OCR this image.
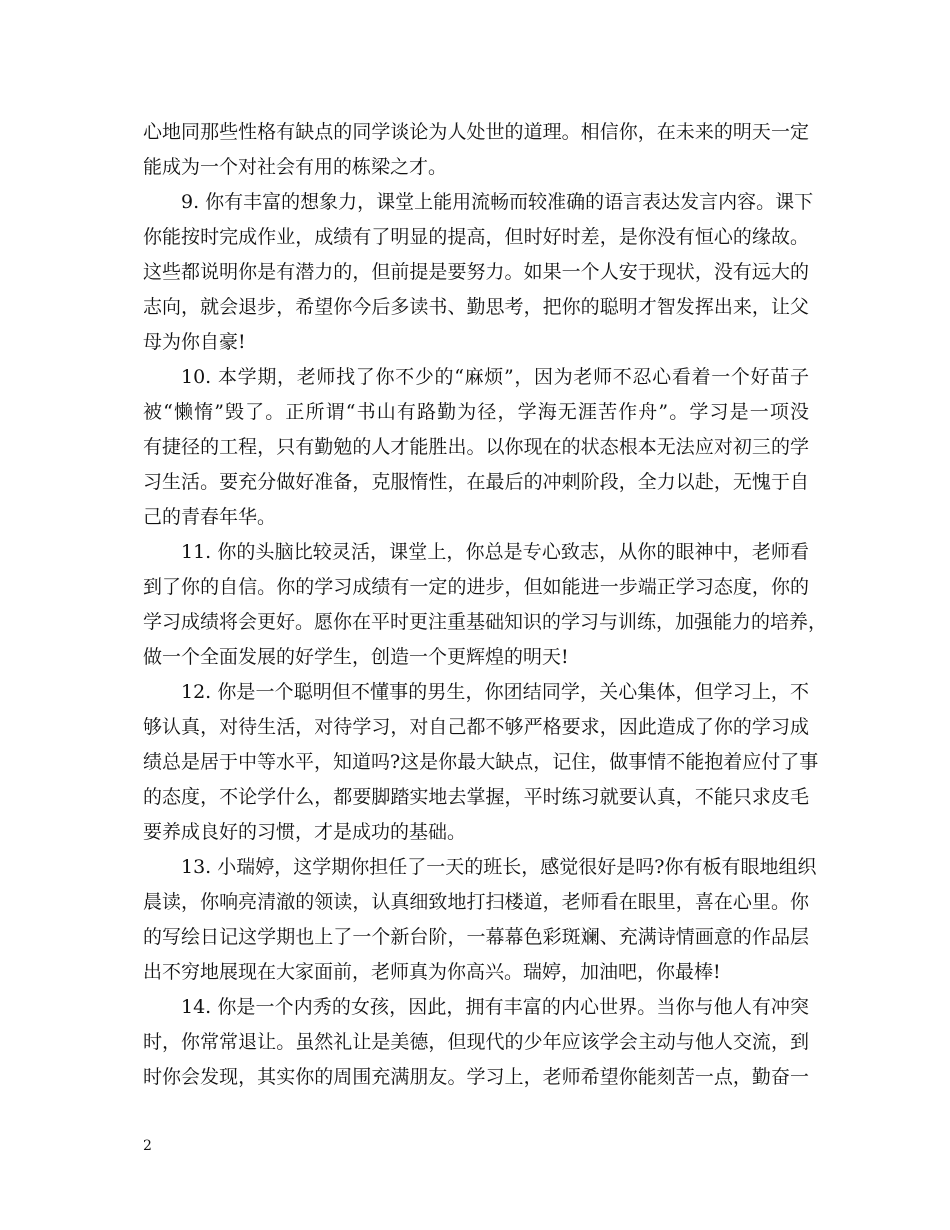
心地同那些性格有缺点的同学谈论为人处世的道理。相信你，在未来的明天一定
能成为一个对社会有用的栋梁之才。
9. 你有丰富的想象力，课堂上能用流畅而较准确的语言表达发言内容。课下
你能按时完成作业，成绩有了明显的提高，但时好时差，是你没有恒心的缘故。
这些都说明你是有潜力的，但前提是要努力。如果一个人安于现状，没有远大的
志向，就会退步，希望你今后多读书、勤思考，把你的聪明才智发挥出来，让父
母为你自豪!
10. 本学期，老师找了你不少的“麻烦”，因为老师不忍心看着一个好苗子
被“懒惰”毁了。正所谓“书山有路勤为径，学海无涯苦作舟”。学习是一项没
有捷径的工程，只有勤勉的人才能胜出。以你现在的状态根本无法应对初三的学
习生活。要充分做好准备，克服惰性，在最后的冲刺阶段，全力以赴，无愧于自
己的青春年华。
11. 你的头脑比较灵活，课堂上，你总是专心致志，从你的眼神中，老师看
到了你的自信。你的学习成绩有一定的进步，但如能进一步端正学习态度，你的
学习成绩将会更好。愿你在平时更注重基础知识的学习与训练，加强能力的培养，
做一个全面发展的好学生，创造一个更辉煌的明天!
12. 你是一个聪明但不懂事的男生，你团结同学，关心集体，但学习上，不
够认真，对待生活，对待学习，对自己都不够严格要求，因此造成了你的学习成
绩总是居于中等水平，知道吗?这是你最大缺点，记住，做事情不能抱着应付了事
的态度，不论学什么，都要脚踏实地去掌握，平时练习就要认真，不能只求皮毛
要养成良好的习惯，才是成功的基础。
13. 小瑞婷，这学期你担任了一天的班长，感觉很好是吗?你有板有眼地组织
晨读，你响亮清澈的领读，认真细致地打扫楼道，老师看在眼里，喜在心里。你
的写绘日记这学期也上了一个新台阶，一幕幕色彩斑斓、充满诗情画意的作品层
出不穷地展现在大家面前，老师真为你高兴。瑞婷，加油吧，你最棒!
14. 你是一个内秀的女孩，因此，拥有丰富的内心世界。当你与他人有冲突
时，你常常退让。虽然礼让是美德，但现代的少年应该学会主动与他人交流，到
时你会发现，其实你的周围充满朋友。学习上，老师希望你能刻苦一点，勤奋一
2
